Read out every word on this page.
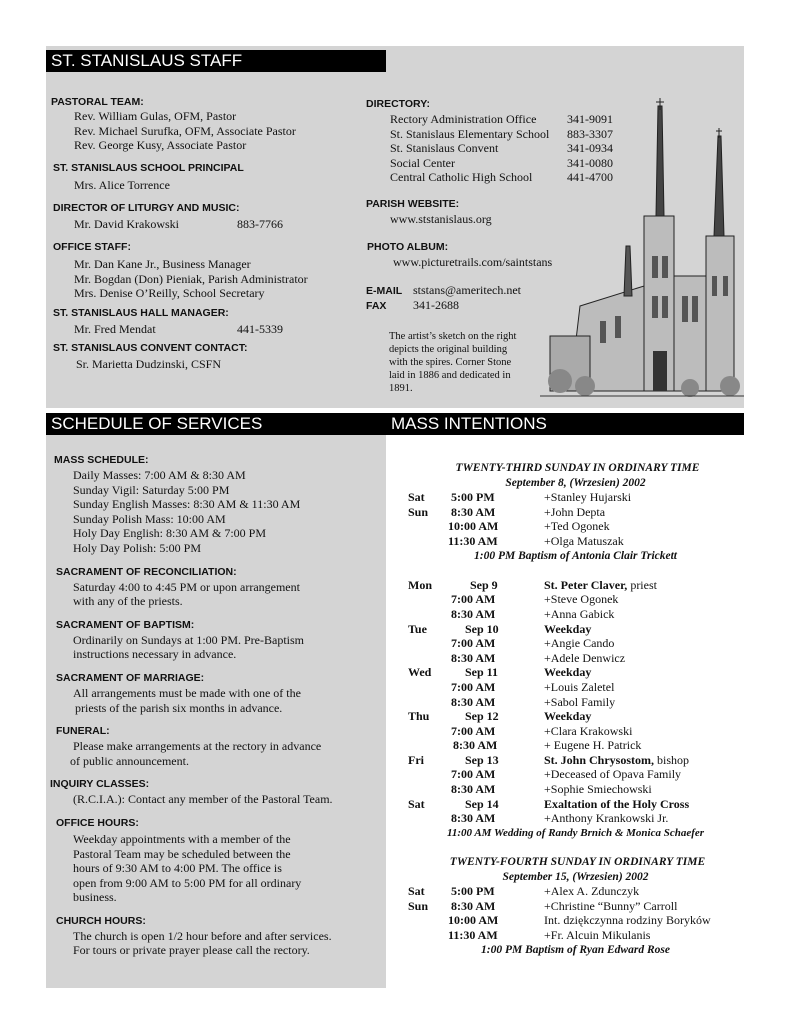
ST. STANISLAUS STAFF
PASTORAL TEAM:
Rev. William Gulas, OFM, Pastor
Rev. Michael Surufka, OFM, Associate Pastor
Rev. George Kusy, Associate Pastor
ST. STANISLAUS SCHOOL PRINCIPAL
Mrs. Alice Torrence
DIRECTOR OF LITURGY AND MUSIC:
Mr. David Krakowski	883-7766
OFFICE STAFF:
Mr. Dan Kane Jr., Business Manager
Mr. Bogdan (Don) Pieniak, Parish Administrator
Mrs. Denise O’Reilly, School Secretary
ST. STANISLAUS HALL MANAGER:
Mr. Fred Mendat	441-5339
ST. STANISLAUS CONVENT CONTACT:
Sr. Marietta Dudzinski, CSFN
DIRECTORY:
Rectory Administration Office	341-9091
St. Stanislaus Elementary School 883-3307
St. Stanislaus Convent	341-0934
Social Center	341-0080
Central Catholic High School	441-4700
PARISH WEBSITE:
www.ststanislaus.org
PHOTO ALBUM:
www.picturetrails.com/saintstans
E-MAIL ststans@ameritech.net
FAX 341-2688
The artist’s sketch on the right
depicts the original building
with the spires. Corner Stone
laid in 1886 and dedicated in
1891.
SCHEDULE OF SERVICES	MASS INTENTIONS
MASS SCHEDULE:
Daily Masses: 7:00 AM & 8:30 AM
Sunday Vigil: Saturday 5:00 PM
Sunday English Masses: 8:30 AM & 11:30 AM
Sunday Polish Mass: 10:00 AM
Holy Day English: 8:30 AM & 7:00 PM
Holy Day Polish: 5:00 PM
SACRAMENT OF RECONCILIATION:
Saturday 4:00 to 4:45 PM or upon arrangement
with any of the priests.
SACRAMENT OF BAPTISM:
Ordinarily on Sundays at 1:00 PM. Pre-Baptism
instructions necessary in advance.
SACRAMENT OF MARRIAGE:
All arrangements must be made with one of the
priests of the parish six months in advance.
FUNERAL:
Please make arrangements at the rectory in advance
of public announcement.
INQUIRY CLASSES:
(R.C.I.A.): Contact any member of the Pastoral Team.
OFFICE HOURS:
Weekday appointments with a member of the
Pastoral Team may be scheduled between the
hours of 9:30 AM to 4:00 PM. The office is
open from 9:00 AM to 5:00 PM for all ordinary
business.
CHURCH HOURS:
The church is open 1/2 hour before and after services.
For tours or private prayer please call the rectory.
TWENTY-THIRD SUNDAY IN ORDINARY TIME
September 8, (Wrzesien) 2002
Sat 5:00 PM	+Stanley Hujarski
Sun 8:30 AM	+John Depta
10:00 AM	+Ted Ogonek
11:30 AM	+Olga Matuszak
1:00 PM Baptism of Antonia Clair Trickett
Mon	Sep 9	St. Peter Claver, priest
7:00 AM	+Steve Ogonek
8:30 AM	+Anna Gabick
Tue	Sep 10	Weekday
7:00 AM	+Angie Cando
8:30 AM	+Adele Denwicz
Wed	Sep 11	Weekday
7:00 AM	+Louis Zaletel
8:30 AM	+Sabol Family
Thu	Sep 12	Weekday
7:00 AM	+Clara Krakowski
8:30 AM	+ Eugene H. Patrick
Fri	Sep 13	St. John Chrysostom, bishop
7:00 AM	+Deceased of Opava Family
8:30 AM	+Sophie Smiechowski
Sat	Sep 14	Exaltation of the Holy Cross
8:30 AM	+Anthony Krankowski Jr.
11:00 AM Wedding of Randy Brnich & Monica Schaefer
TWENTY-FOURTH SUNDAY IN ORDINARY TIME
September 15, (Wrzesien) 2002
Sat 5:00 PM	+Alex A. Zdunczyk
Sun 8:30 AM	+Christine “Bunny” Carroll
10:00 AM	Int. dziękczynna rodziny Boryków
11:30 AM	+Fr. Alcuin Mikulanis
1:00 PM Baptism of Ryan Edward Rose
